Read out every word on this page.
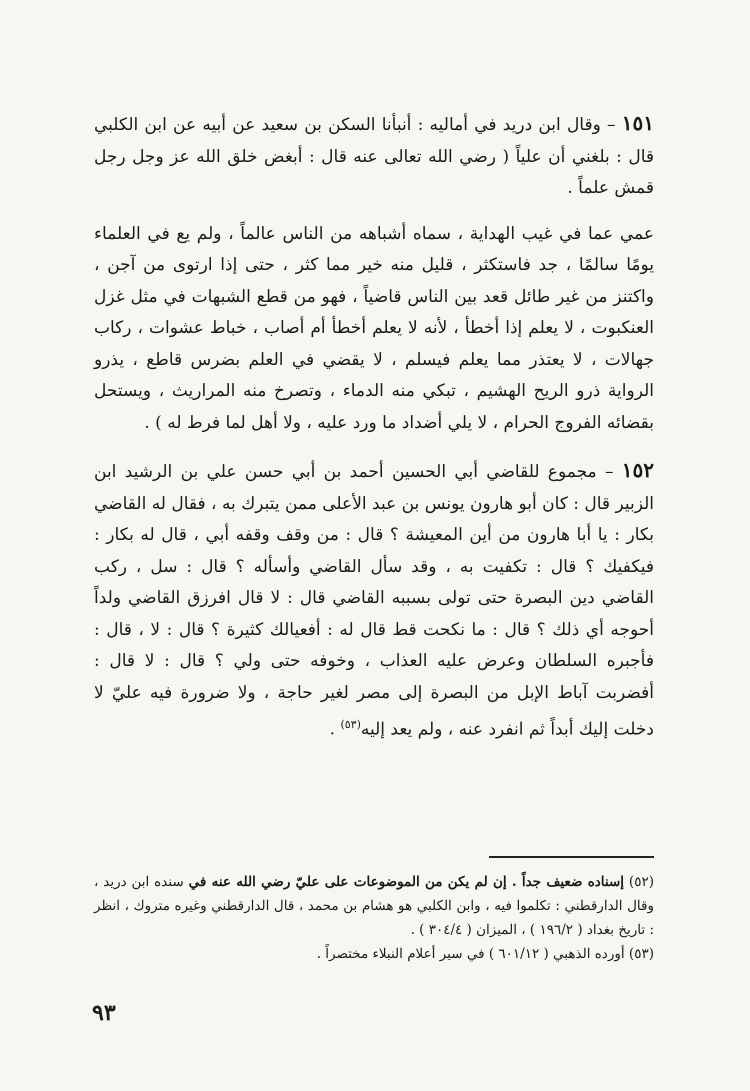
١٥١ – وقال ابن دريد في أماليه : أنبأنا السكن بن سعيد عن أبيه عن ابن الكلبي قال : بلغني أن علياً ( رضي الله تعالى عنه قال : أبغض خلق الله عز وجل رجل قمش علماً .

عمي عما في غيب الهداية ، سماه أشباهه من الناس عالماً ، ولم يع في العلماء يومًا سالمًا ، جد فاستكثر ، قليل منه خير مما كثر ، حتى إذا ارتوى من آجن ، واكتنز من غير طائل قعد بين الناس قاضياً ، فهو من قطع الشبهات في مثل غزل العنكبوت ، لا يعلم إذا أخطأ ، لأنه لا يعلم أخطأ أم أصاب ، خباط عشوات ، ركاب جهالات ، لا يعتذر مما يعلم فيسلم ، لا يقضي في العلم بضرس قاطع ، يذرو الرواية ذرو الريح الهشيم ، تبكي منه الدماء ، وتصرخ منه المراريث ، ويستحل بقضائه الفروج الحرام ، لا يلي أضداد ما ورد عليه ، ولا أهل لما فرط له ) .

١٥٢ – مجموع للقاضي أبي الحسين أحمد بن أبي حسن علي بن الرشيد ابن الزبير قال : كان أبو هارون يونس بن عبد الأعلى ممن يتبرك به ، فقال له القاضي بكار : يا أبا هارون من أين المعيشة ؟ قال : من وقف وقفه أبي ، قال له بكار : فيكفيك ؟ قال : تكفيت به ، وقد سأل القاضي وأسأله ؟ قال : سل ، ركب القاضي دين البصرة حتى تولى بسببه القاضي قال : لا قال افرزق القاضي ولداً أحوجه أي ذلك ؟ قال : ما نكحت قط قال له : أفعيالك كثيرة ؟ قال : لا ، قال : فأجبره السلطان وعرض عليه العذاب ، وخوفه حتى ولي ؟ قال : لا قال : أفضربت آباط الإبل من البصرة إلى مصر لغير حاجة ، ولا ضرورة فيه عليّ لا دخلت إليك أبداً ثم انفرد عنه ، ولم يعد إليه$^{(٥٣)}$ .

(٥٢) إسناده ضعيف جداً . إن لم يكن من الموضوعات على عليّ رضي الله عنه في سنده ابن دريد ، وقال الدارقطني : تكلموا فيه ، وابن الكلبي هو هشام بن محمد ، قال الدارقطني وغيره متروك ، انظر : تاريخ بغداد ( ١٩٦/٢ ) ، الميزان ( ٣٠٤/٤ ) .

(٥٣) أورده الذهبي ( ٦٠١/١٢ ) في سير أعلام النبلاء مختصراً .

٩٣
